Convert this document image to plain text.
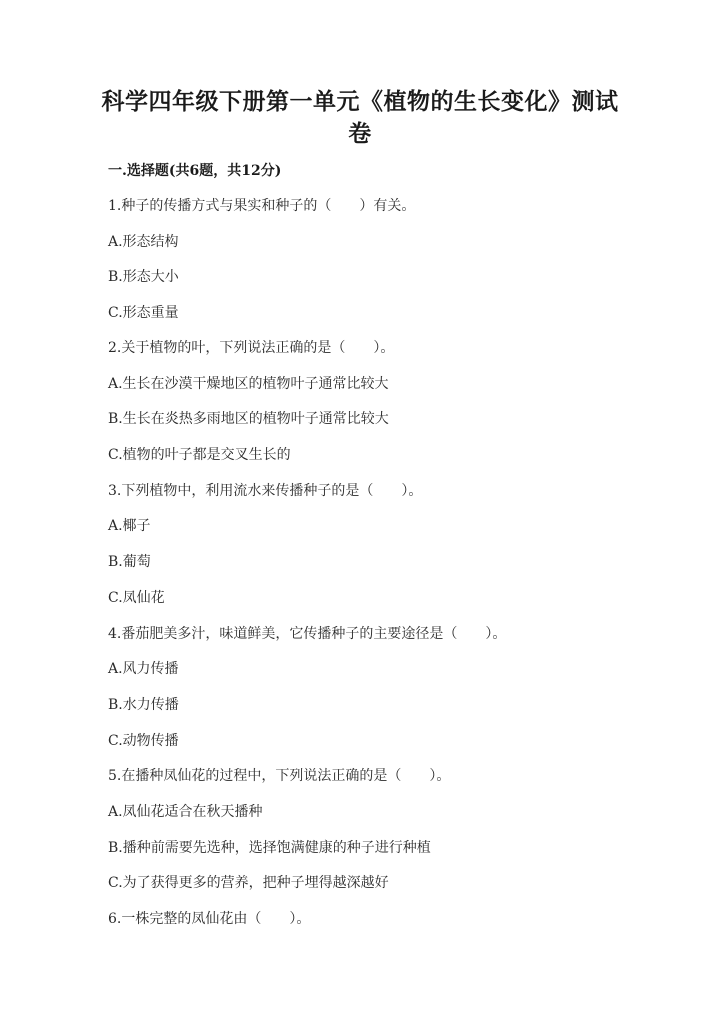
科学四年级下册第一单元《植物的生长变化》测试
卷
一.选择题(共6题，共12分)
1.种子的传播方式与果实和种子的（　　）有关。
A.形态结构
B.形态大小
C.形态重量
2.关于植物的叶，下列说法正确的是（　　）。
A.生长在沙漠干燥地区的植物叶子通常比较大
B.生长在炎热多雨地区的植物叶子通常比较大
C.植物的叶子都是交叉生长的
3.下列植物中，利用流水来传播种子的是（　　）。
A.椰子
B.葡萄
C.凤仙花
4.番茄肥美多汁，味道鲜美，它传播种子的主要途径是（　　）。
A.风力传播
B.水力传播
C.动物传播
5.在播种凤仙花的过程中，下列说法正确的是（　　）。
A.凤仙花适合在秋天播种
B.播种前需要先选种，选择饱满健康的种子进行种植
C.为了获得更多的营养，把种子埋得越深越好
6.一株完整的凤仙花由（　　）。
